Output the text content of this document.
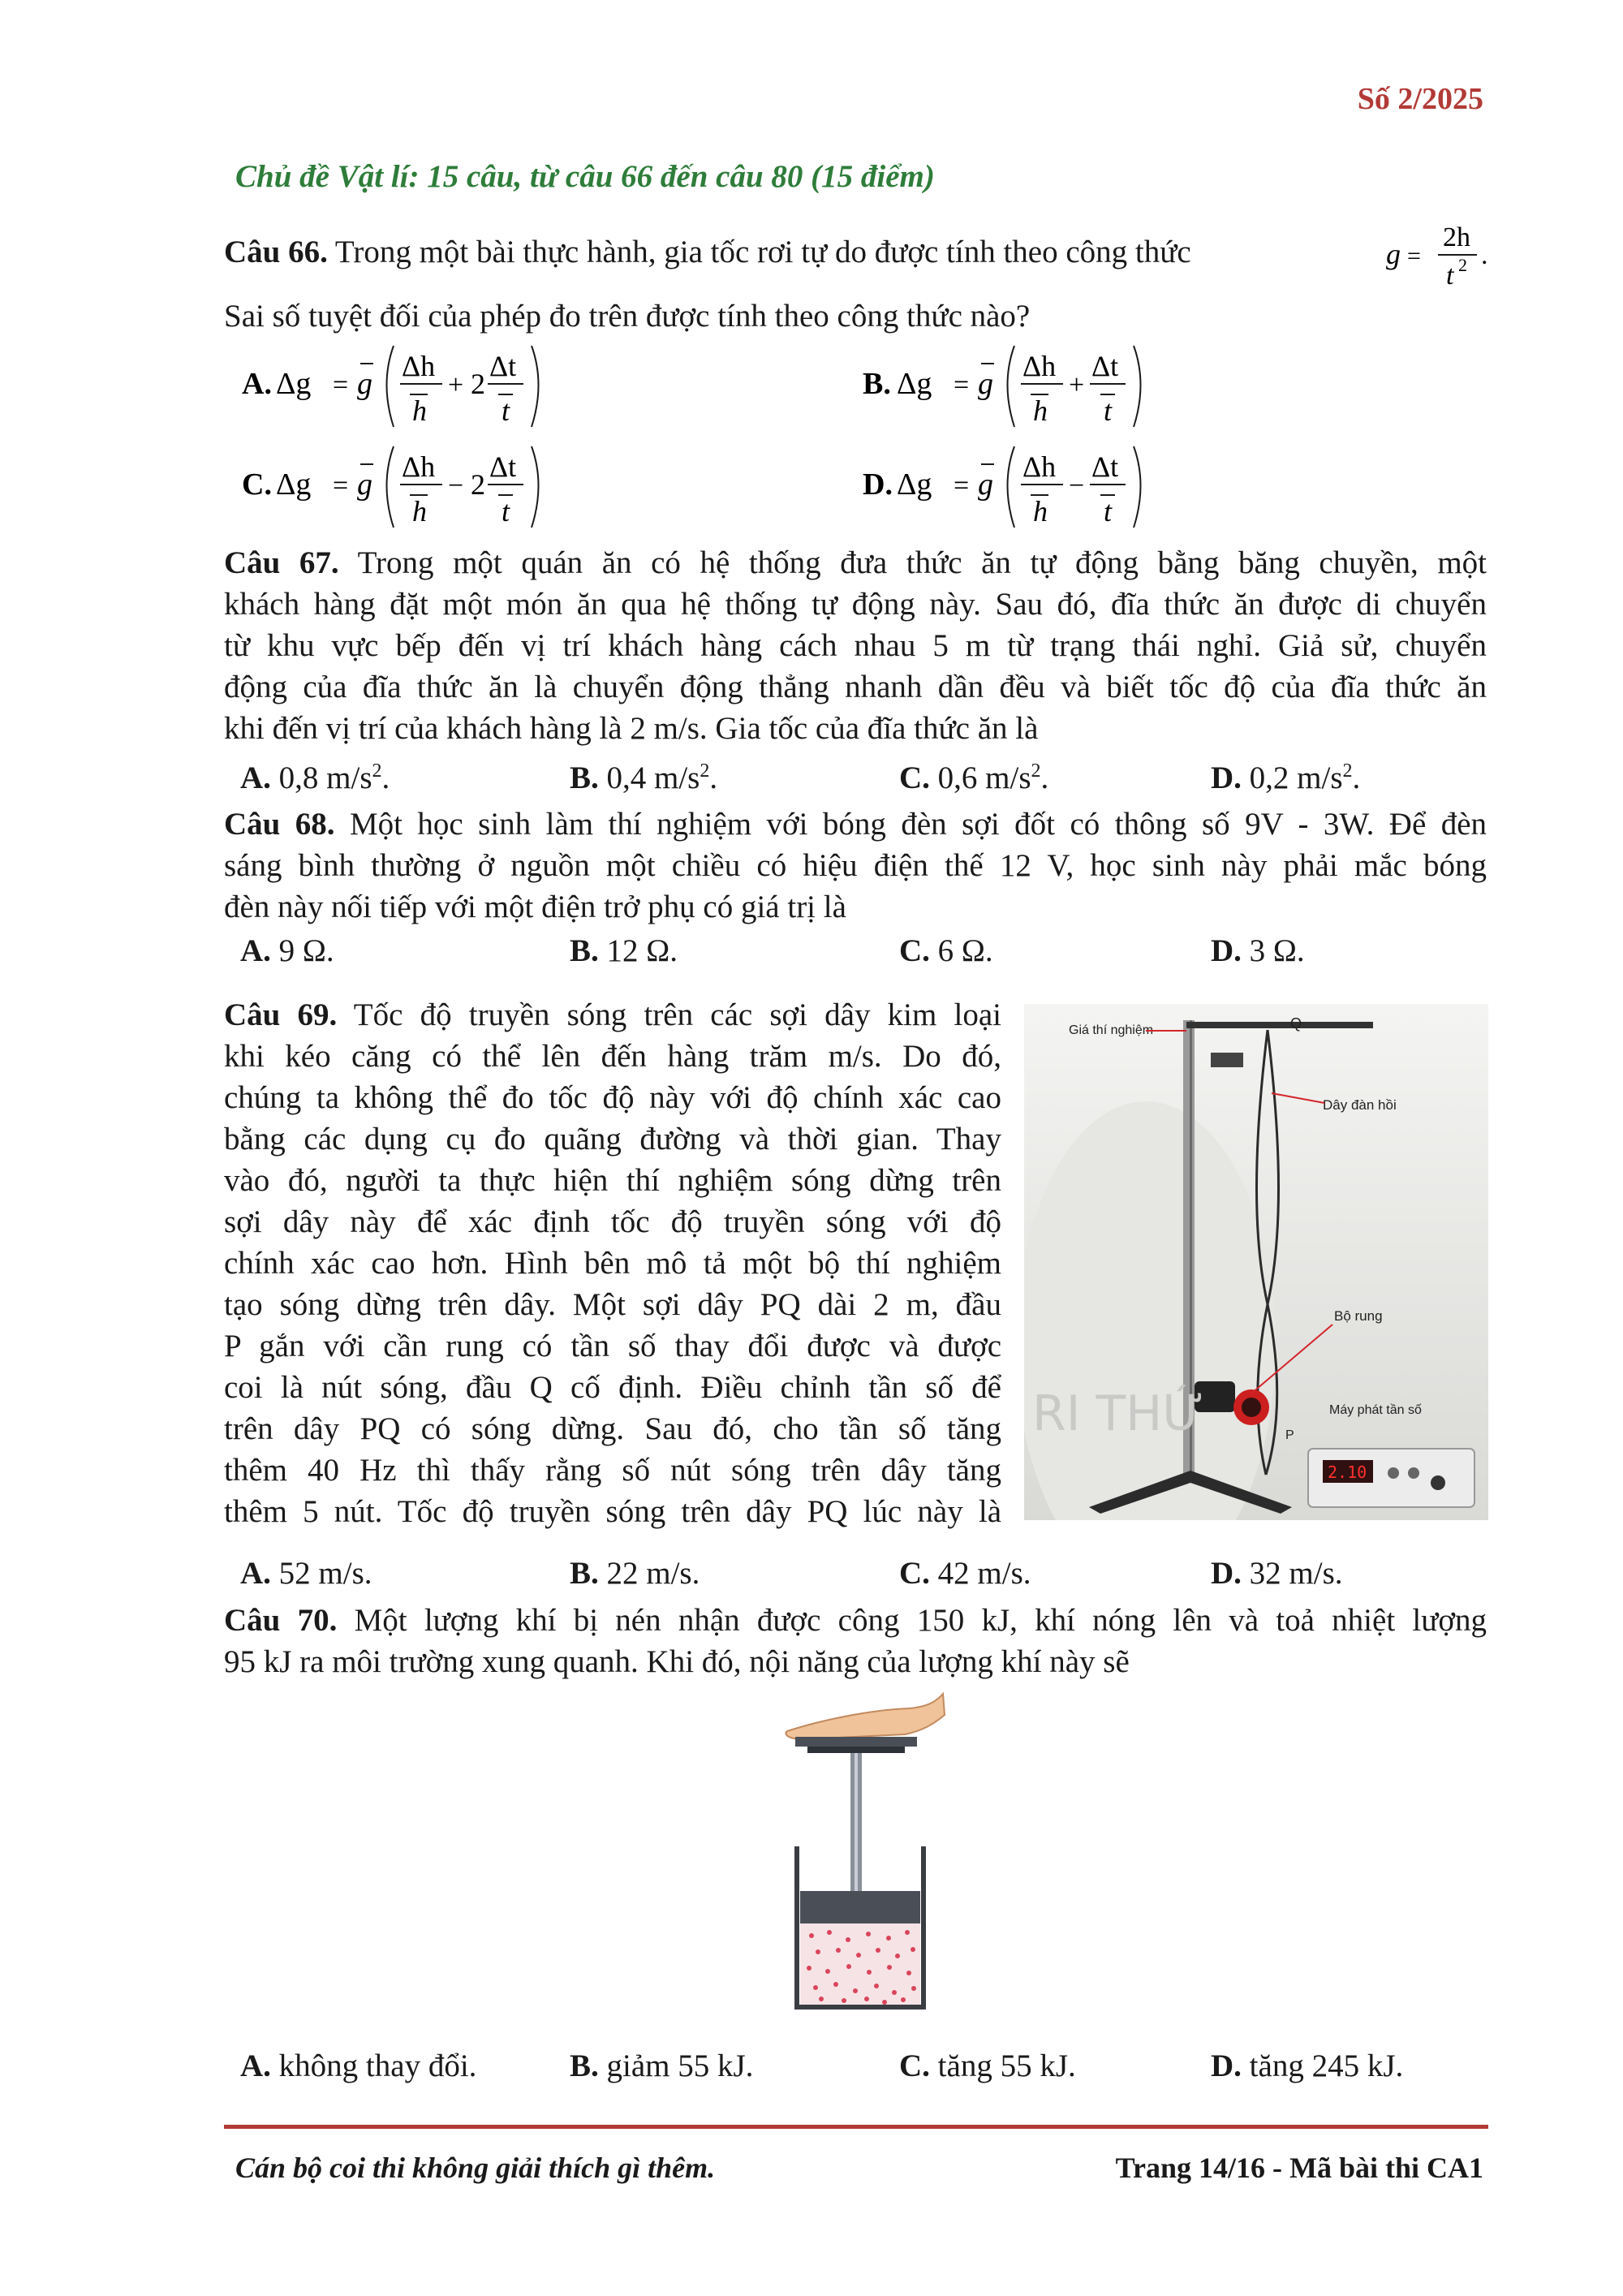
Số 2/2025
Chủ đề Vật lí: 15 câu, từ câu 66 đến câu 80 (15 điểm)
Câu 66. Trong một bài thực hành, gia tốc rơi tự do được tính theo công thức	g =
2h
t 2 .
Sai số tuyệt đối của phép đo trên được tính theo công thức nào?
A. Δg = g
Δh
h
+ 2
Δt
t
C. Δg = g
Δh
h
− 2
Δt
t
B. Δg = g
Δh
h
+
Δt
t
D. Δg = g
Δh
h
−
Δt
t
Câu 67. Trong một quán ăn có hệ thống đưa thức ăn tự động bằng băng chuyền, một
khách hàng đặt một món ăn qua hệ thống tự động này. Sau đó, đĩa thức ăn được di chuyển
từ khu vực bếp đến vị trí khách hàng cách nhau 5 m từ trạng thái nghỉ. Giả sử, chuyển
động của đĩa thức ăn là chuyển động thẳng nhanh dần đều và biết tốc độ của đĩa thức ăn
khi đến vị trí của khách hàng là 2 m/s. Gia tốc của đĩa thức ăn là
A. 0,8 $m/s^2$.	B. 0,4 $m/s^2$.	C. 0,6 $m/s^2$.	D. 0,2 $m/s^2$.
Câu 68. Một học sinh làm thí nghiệm với bóng đèn sợi đốt có thông số 9V - 3W. Để đèn
sáng bình thường ở nguồn một chiều có hiệu điện thế 12 V, học sinh này phải mắc bóng
đèn này nối tiếp với một điện trở phụ có giá trị là
A. 9 Ω.	B. 12 Ω.	C. 6 Ω.	D. 3 Ω.
Câu 69. Tốc độ truyền sóng trên các sợi dây kim loại
khi kéo căng có thể lên đến hàng trăm m/s. Do đó,
chúng ta không thể đo tốc độ này với độ chính xác cao
bằng các dụng cụ đo quãng đường và thời gian. Thay
vào đó, người ta thực hiện thí nghiệm sóng dừng trên
sợi dây này để xác định tốc độ truyền sóng với độ
chính xác cao hơn. Hình bên mô tả một bộ thí nghiệm
tạo sóng dừng trên dây. Một sợi dây PQ dài 2 m, đầu
P gắn với cần rung có tần số thay đổi được và được
coi là nút sóng, đầu Q cố định. Điều chỉnh tần số để
trên dây PQ có sóng dừng. Sau đó, cho tần số tăng
thêm 40 Hz thì thấy rằng số nút sóng trên dây tăng
thêm 5 nút. Tốc độ truyền sóng trên dây PQ lúc này là
2.10
RI THỨ
Giá thí nghiệm	Q
Dây đàn hồi
Bộ rung
Máy phát tần số
P
A. 52 m/s.	B. 22 m/s.	C. 42 m/s.	D. 32 m/s.
Câu 70. Một lượng khí bị nén nhận được công 150 kJ, khí nóng lên và toả nhiệt lượng
95 kJ ra môi trường xung quanh. Khi đó, nội năng của lượng khí này sẽ
A. không thay đổi.	B. giảm 55 kJ.	C. tăng 55 kJ.	D. tăng 245 kJ.
Cán bộ coi thi không giải thích gì thêm.	Trang 14/16 - Mã bài thi CA1
